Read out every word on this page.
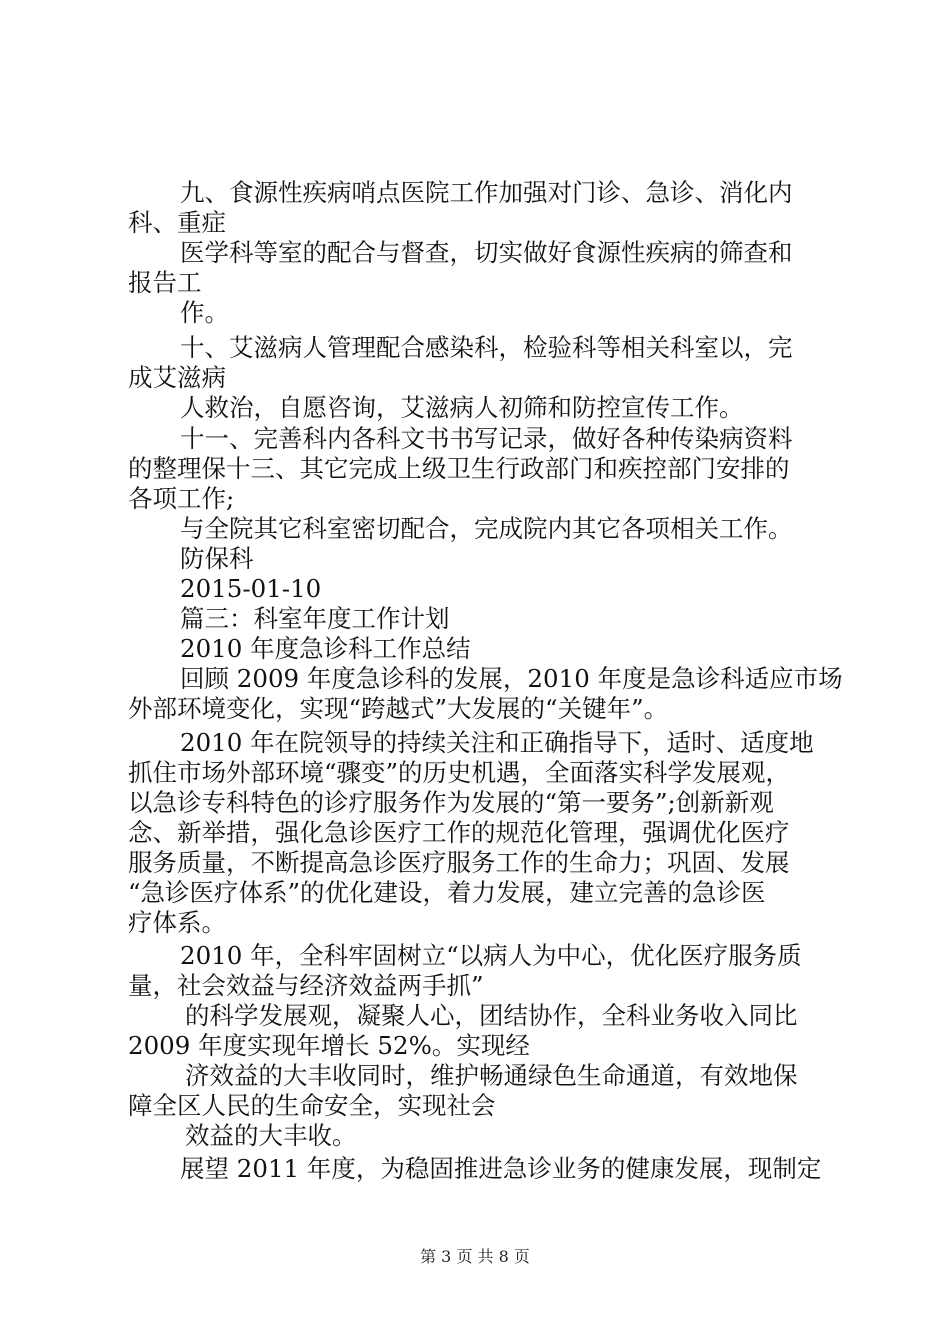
九、食源性疾病哨点医院工作加强对门诊、急诊、消化内

科、重症

医学科等室的配合与督查，切实做好食源性疾病的筛查和

报告工

作。

十、艾滋病人管理配合感染科，检验科等相关科室以，完

成艾滋病

人救治，自愿咨询，艾滋病人初筛和防控宣传工作。

十一、完善科内各科文书书写记录，做好各种传染病资料

的整理保十三、其它完成上级卫生行政部门和疾控部门安排的

各项工作;

与全院其它科室密切配合，完成院内其它各项相关工作。

防保科

2015-01-10

篇三：科室年度工作计划

2010 年度急诊科工作总结

回顾 2009 年度急诊科的发展，2010 年度是急诊科适应市场

外部环境变化，实现“跨越式”大发展的“关键年”。

2010 年在院领导的持续关注和正确指导下，适时、适度地

抓住市场外部环境“骤变”的历史机遇，全面落实科学发展观，

以急诊专科特色的诊疗服务作为发展的“第一要务”;创新新观

念、新举措，强化急诊医疗工作的规范化管理，强调优化医疗

服务质量，不断提高急诊医疗服务工作的生命力；巩固、发展

“急诊医疗体系”的优化建设，着力发展，建立完善的急诊医

疗体系。

2010 年，全科牢固树立“以病人为中心，优化医疗服务质

量，社会效益与经济效益两手抓”

的科学发展观，凝聚人心，团结协作，全科业务收入同比

2009 年度实现年增长 52%。实现经

济效益的大丰收同时，维护畅通绿色生命通道，有效地保

障全区人民的生命安全，实现社会

效益的大丰收。

展望 2011 年度，为稳固推进急诊业务的健康发展，现制定

第 3 页 共 8 页
